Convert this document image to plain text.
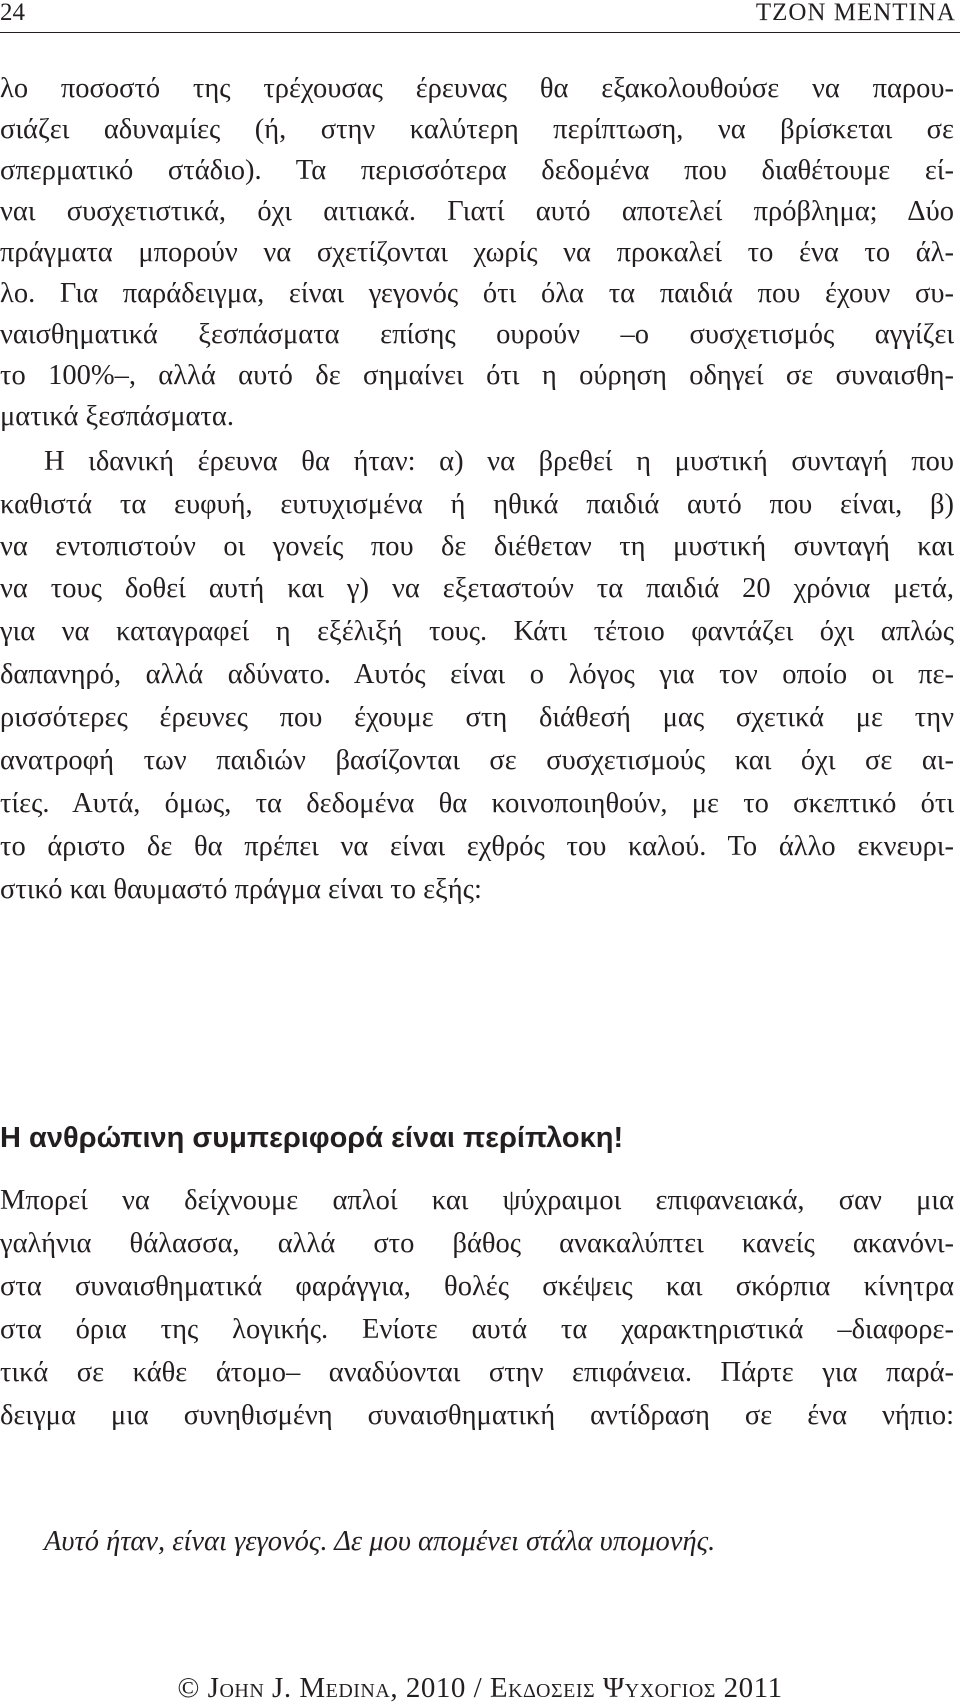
24	ΤΖΟΝ ΜΕΝΤΙΝΑ
λο ποσοστό της τρέχουσας έρευνας θα εξακολουθούσε να παρου-
σιάζει αδυναμίες (ή, στην καλύτερη περίπτωση, να βρίσκεται σε
σπερματικό στάδιο). Τα περισσότερα δεδομένα που διαθέτουμε εί-
ναι συσχετιστικά, όχι αιτιακά. Γιατί αυτό αποτελεί πρόβλημα; Δύο
πράγματα μπορούν να σχετίζονται χωρίς να προκαλεί το ένα το άλ-
λο. Για παράδειγμα, είναι γεγονός ότι όλα τα παιδιά που έχουν συ-
ναισθηματικά ξεσπάσματα επίσης ουρούν –ο συσχετισμός αγγίζει
το 100%–, αλλά αυτό δε σημαίνει ότι η ούρηση οδηγεί σε συναισθη-
ματικά ξεσπάσματα.
Η ιδανική έρευνα θα ήταν: α) να βρεθεί η μυστική συνταγή που
καθιστά τα ευφυή, ευτυχισμένα ή ηθικά παιδιά αυτό που είναι, β)
να εντοπιστούν οι γονείς που δε διέθεταν τη μυστική συνταγή και
να τους δοθεί αυτή και γ) να εξεταστούν τα παιδιά 20 χρόνια μετά,
για να καταγραφεί η εξέλιξή τους. Κάτι τέτοιο φαντάζει όχι απλώς
δαπανηρό, αλλά αδύνατο. Αυτός είναι ο λόγος για τον οποίο οι πε-
ρισσότερες έρευνες που έχουμε στη διάθεσή μας σχετικά με την
ανατροφή των παιδιών βασίζονται σε συσχετισμούς και όχι σε αι-
τίες. Αυτά, όμως, τα δεδομένα θα κοινοποιηθούν, με το σκεπτικό ότι
το άριστο δε θα πρέπει να είναι εχθρός του καλού. Το άλλο εκνευρι-
στικό και θαυμαστό πράγμα είναι το εξής:
Η ανθρώπινη συμπεριφορά είναι περίπλοκη!
Μπορεί να δείχνουμε απλοί και ψύχραιμοι επιφανειακά, σαν μια
γαλήνια θάλασσα, αλλά στο βάθος ανακαλύπτει κανείς ακανόνι-
στα συναισθηματικά φαράγγια, θολές σκέψεις και σκόρπια κίνητρα
στα όρια της λογικής. Ενίοτε αυτά τα χαρακτηριστικά –διαφορε-
τικά σε κάθε άτομο– αναδύονται στην επιφάνεια. Πάρτε για παρά-
δειγμα μια συνηθισμένη συναισθηματική αντίδραση σε ένα νήπιο:
Αυτό ήταν, είναι γεγονός. Δε μου απομένει στάλα υπομονής.
© John J. Medina, 2010 / Εκδοσεις Ψυχογιος 2011
